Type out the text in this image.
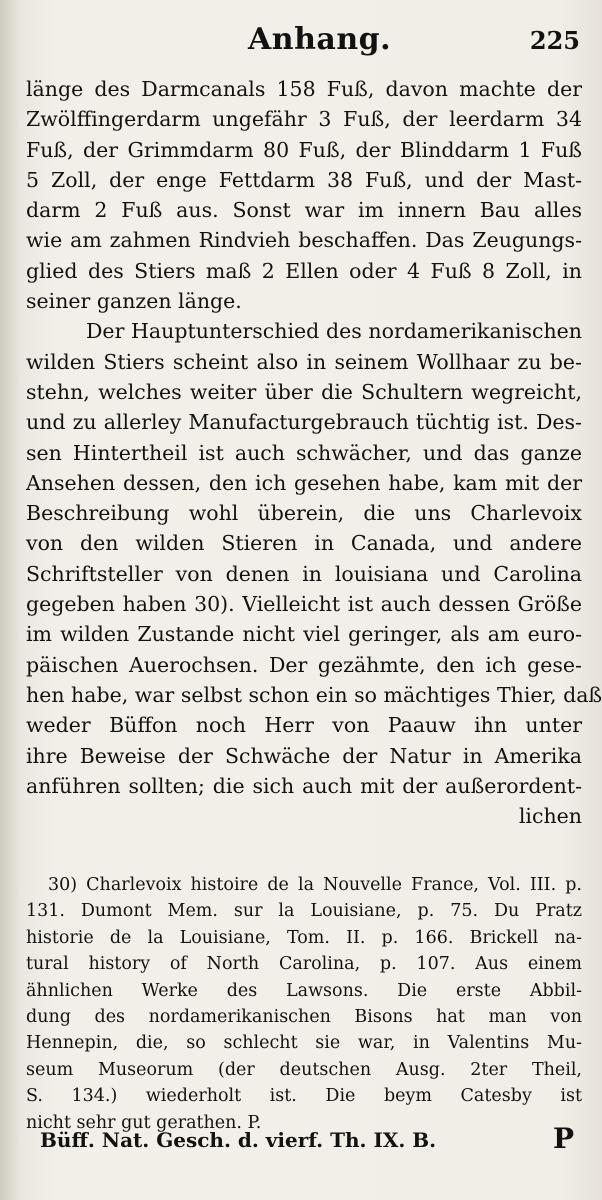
Anhang.	225
länge des Darmcanals 158 Fuß, davon machte der
Zwölffingerdarm ungefähr 3 Fuß, der leerdarm 34
Fuß, der Grimmdarm 80 Fuß, der Blinddarm 1 Fuß
5 Zoll, der enge Fettdarm 38 Fuß, und der Mast-
darm 2 Fuß aus. Sonst war im innern Bau alles
wie am zahmen Rindvieh beschaffen. Das Zeugungs-
glied des Stiers maß 2 Ellen oder 4 Fuß 8 Zoll, in
seiner ganzen länge.
Der Hauptunterschied des nordamerikanischen
wilden Stiers scheint also in seinem Wollhaar zu be-
stehn, welches weiter über die Schultern wegreicht,
und zu allerley Manufacturgebrauch tüchtig ist. Des-
sen Hintertheil ist auch schwächer, und das ganze
Ansehen dessen, den ich gesehen habe, kam mit der
Beschreibung wohl überein, die uns Charlevoix
von den wilden Stieren in Canada, und andere
Schriftsteller von denen in louisiana und Carolina
gegeben haben 30). Vielleicht ist auch dessen Größe
im wilden Zustande nicht viel geringer, als am euro-
päischen Auerochsen. Der gezähmte, den ich gese-
hen habe, war selbst schon ein so mächtiges Thier, daß
weder Büffon noch Herr von Paauw ihn unter
ihre Beweise der Schwäche der Natur in Amerika
anführen sollten; die sich auch mit der außerordent-
lichen
30) Charlevoix histoire de la Nouvelle France, Vol. III. p.
131. Dumont Mem. sur la Louisiane, p. 75. Du Pratz
historie de la Louisiane, Tom. II. p. 166. Brickell na-
tural history of North Carolina, p. 107. Aus einem
ähnlichen Werke des Lawsons. Die erste Abbil-
dung des nordamerikanischen Bisons hat man von
Hennepin, die, so schlecht sie war, in Valentins Mu-
seum Museorum (der deutschen Ausg. 2ter Theil,
S. 134.) wiederholt ist. Die beym Catesby ist
nicht sehr gut gerathen. P.
Büff. Nat. Gesch. d. vierf. Th. IX. B.	P
